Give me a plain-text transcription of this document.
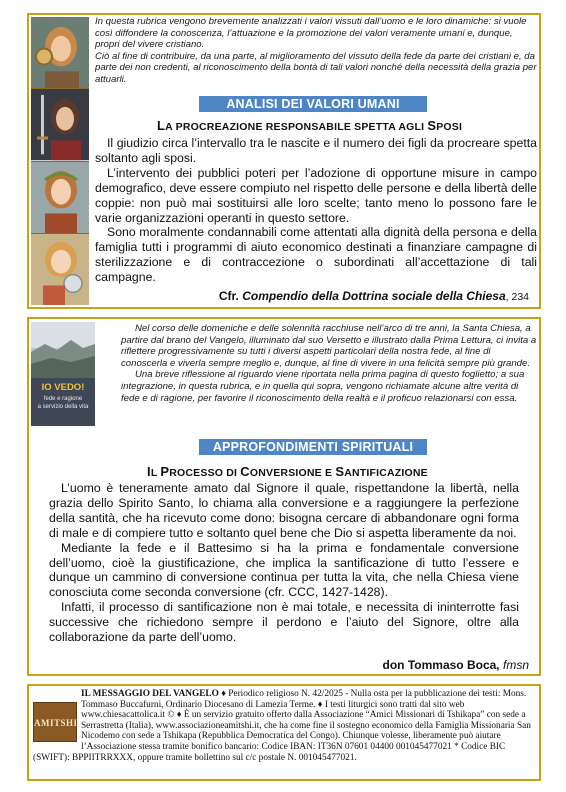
In questa rubrica vengono brevemente analizzati i valori vissuti dall’uomo e le loro dinamiche: si vuole così diffondere la conoscenza, l’attuazione e la promozione dei valori veramente umani e, dunque, propri del vivere cristiano.

Ciò al fine di contribuire, da una parte, al miglioramento del vissuto della fede da parte dei cristiani e, da parte dei non credenti, al riconoscimento della bontà di tali valori nonché della necessità della grazia per attuarli.

ANALISI DEI VALORI UMANI
LA PROCREAZIONE RESPONSABILE SPETTA AGLI SPOSI

Il giudizio circa l’intervallo tra le nascite e il numero dei figli da procreare spetta soltanto agli sposi.

L’intervento dei pubblici poteri per l’adozione di opportune misure in campo demografico, deve essere compiuto nel rispetto delle persone e della libertà delle coppie: non può mai sostituirsi alle loro scelte; tanto meno lo possono fare le varie organizzazioni operanti in questo settore.

Sono moralmente condannabili come attentati alla dignità della persona e della famiglia tutti i programmi di aiuto economico destinati a finanziare campagne di sterilizzazione e di contraccezione o subordinati all’accettazione di tali campagne.

Cfr. Compendio della Dottrina sociale della Chiesa, 234
IO VEDO!
fede e ragione
a servizio della vita

Nel corso delle domeniche e delle solennità racchiuse nell’arco di tre anni, la Santa Chiesa, a partire dal brano del Vangelo, illuminato dal suo Versetto e illustrato dalla Prima Lettura, ci invita a riflettere progressivamente su tutti i diversi aspetti particolari della nostra fede, al fine di conoscerla e viverla sempre meglio e, dunque, al fine di vivere in una felicità sempre più grande.

Una breve riflessione al riguardo viene riportata nella prima pagina di questo foglietto; a sua integrazione, in questa rubrica, e in quella qui sopra, vengono richiamate alcune altre verità di fede e di ragione, per favorire il riconoscimento della realtà e il proficuo relazionarsi con essa.

APPROFONDIMENTI SPIRITUALI
IL PROCESSO DI CONVERSIONE E SANTIFICAZIONE

L’uomo è teneramente amato dal Signore il quale, rispettandone la libertà, nella grazia dello Spirito Santo, lo chiama alla conversione e a raggiungere la perfezione della santità, che ha ricevuto come dono: bisogna cercare di abbandonare ogni forma di male e di compiere tutto e soltanto quel bene che Dio si aspetta liberamente da noi.

Mediante la fede e il Battesimo si ha la prima e fondamentale conversione dell’uomo, cioè la giustificazione, che implica la santificazione di tutto l’essere e dunque un cammino di conversione continua per tutta la vita, che nella Chiesa viene conosciuta come seconda conversione (cfr. CCC, 1427-1428).

Infatti, il processo di santificazione non è mai totale, e necessita di ininterrotte fasi successive che richiedono sempre il perdono e l’aiuto del Signore, oltre alla collaborazione da parte dell’uomo.

don Tommaso Boca, fmsn
AMITSHI
IL MESSAGGIO DEL VANGELO ♦ Periodico religioso N. 42/2025 - Nulla osta per la pubblicazione dei testi: Mons. Tommaso Buccafurni, Ordinario Diocesano di Lamezia Terme. ♦ I testi liturgici sono tratti dal sito web www.chiesacattolica.it © ♦ È un servizio gratuito offerto dalla Associazione “Amici Missionari di Tshikapa” con sede a Serrastretta (Italia), www.associazioneamitshi.it, che ha come fine il sostegno economico della Famiglia Missionaria San Nicodemo con sede a Tshikapa (Repubblica Democratica del Congo). Chiunque volesse, liberamente può aiutare l’Associazione stessa tramite bonifico bancario: Codice IBAN: IT36N 07601 04400 001045477021 * Codice BIC (SWIFT): BPPIITRRXXX, oppure tramite bollettino sul c/c postale N. 001045477021.
